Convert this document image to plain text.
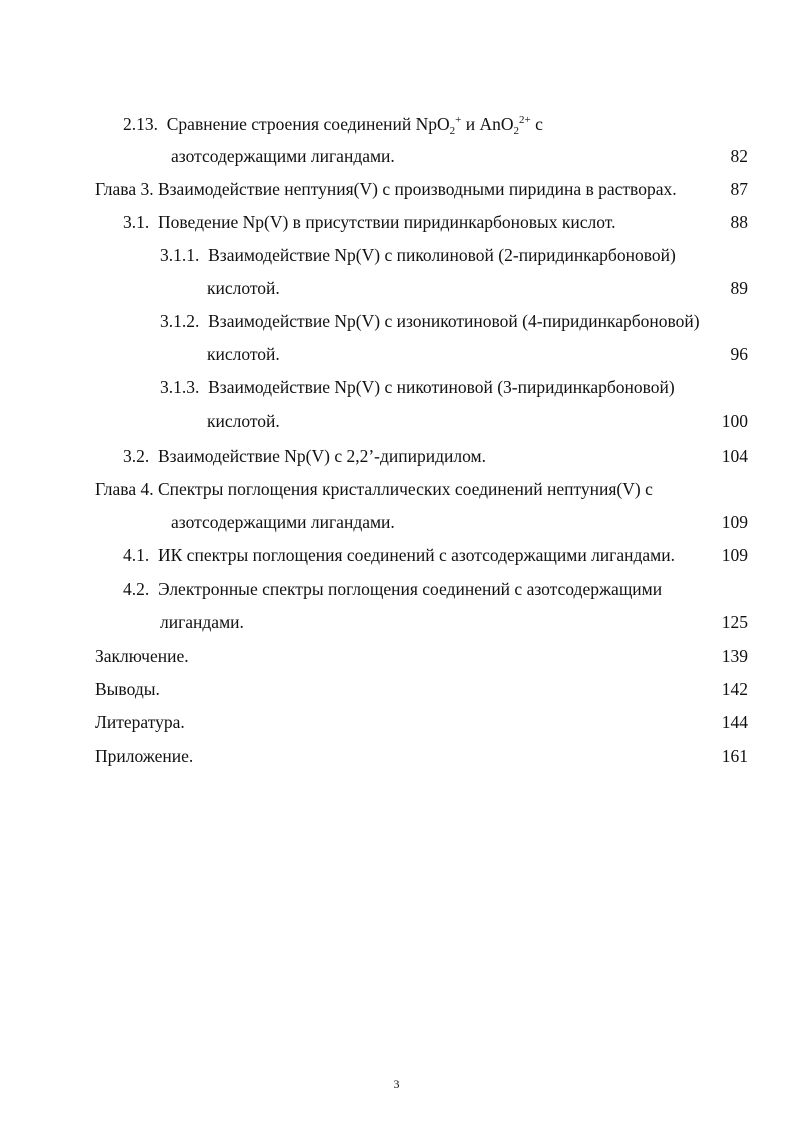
2.13. Сравнение строения соединений NpO$_2$+ и AnO$_2^{2+}$ с
азотсодержащими лигандами.	82
Глава 3. Взаимодействие нептуния(V) с производными пиридина в растворах.	87
3.1. Поведение Np(V) в присутствии пиридинкарбоновых кислот.	88
3.1.1. Взаимодействие Np(V) с пиколиновой (2-пиридинкарбоновой)
кислотой.	89
3.1.2. Взаимодействие Np(V) с изоникотиновой (4-пиридинкарбоновой)
кислотой.	96
3.1.3. Взаимодействие Np(V) с никотиновой (3-пиридинкарбоновой)
кислотой.	100
3.2. Взаимодействие Np(V) с 2,2’-дипиридилом.	104
Глава 4. Спектры поглощения кристаллических соединений нептуния(V) с
азотсодержащими лигандами.	109
4.1. ИК спектры поглощения соединений с азотсодержащими лигандами.	109
4.2. Электронные спектры поглощения соединений с азотсодержащими
лигандами.	125
Заключение.	139
Выводы.	142
Литература.	144
Приложение.	161
3
